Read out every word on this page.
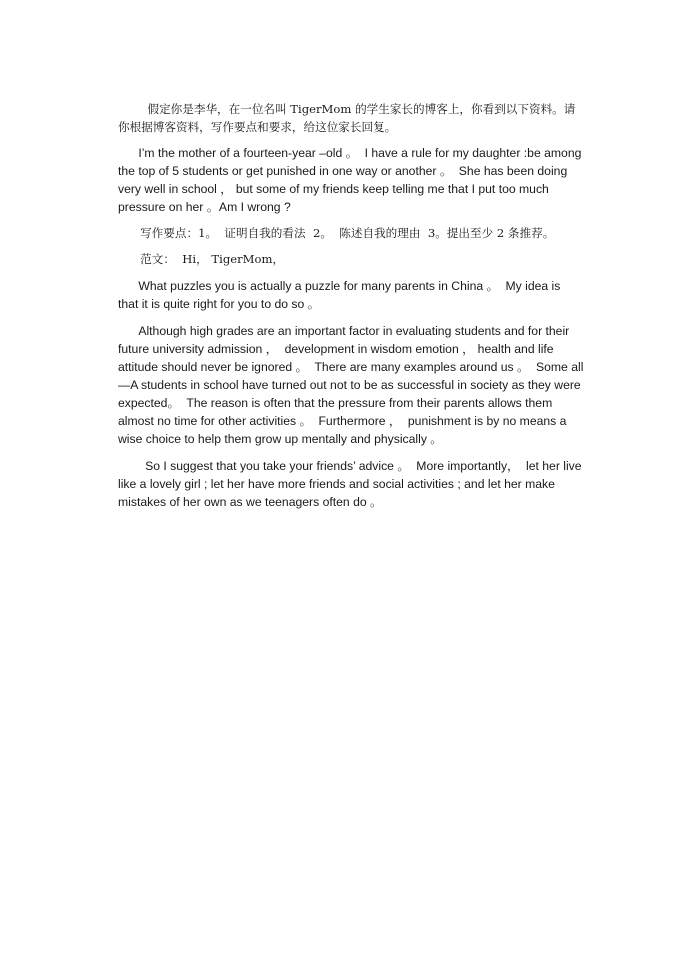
假定你是李华，在一位名叫 TigerMom 的学生家长的博客上，你看到以下资料。请你根据博客资料，写作要点和要求，给这位家长回复。

I’m the mother of a fourteen-year –old 。  I have a rule for my daughter :be among the top of 5 students or get punished in one way or another 。  She has been doing very well in school ， but some of my friends keep telling me that I put too much pressure on her 。Am I wrong ?

写作要点：1。  证明自我的看法  2。  陈述自我的理由  3。提出至少 2 条推荐。

范文：  Hi， TigerMom，

What puzzles you is actually a puzzle for many parents in China 。  My idea is that it is quite right for you to do so 。

Although high grades are an important factor in evaluating students and for their future university admission ，  development in wisdom emotion ， health and life attitude should never be ignored 。  There are many examples around us 。  Some all —A students in school have turned out not to be as successful in society as they were expected。  The reason is often that the pressure from their parents allows them almost no time for other activities 。  Furthermore ，  punishment is by no means a wise choice to help them grow up mentally and physically 。

So I suggest that you take your friends’ advice 。  More importantly，  let her live like a lovely girl ; let her have more friends and social activities ; and let her make mistakes of her own as we teenagers often do 。
